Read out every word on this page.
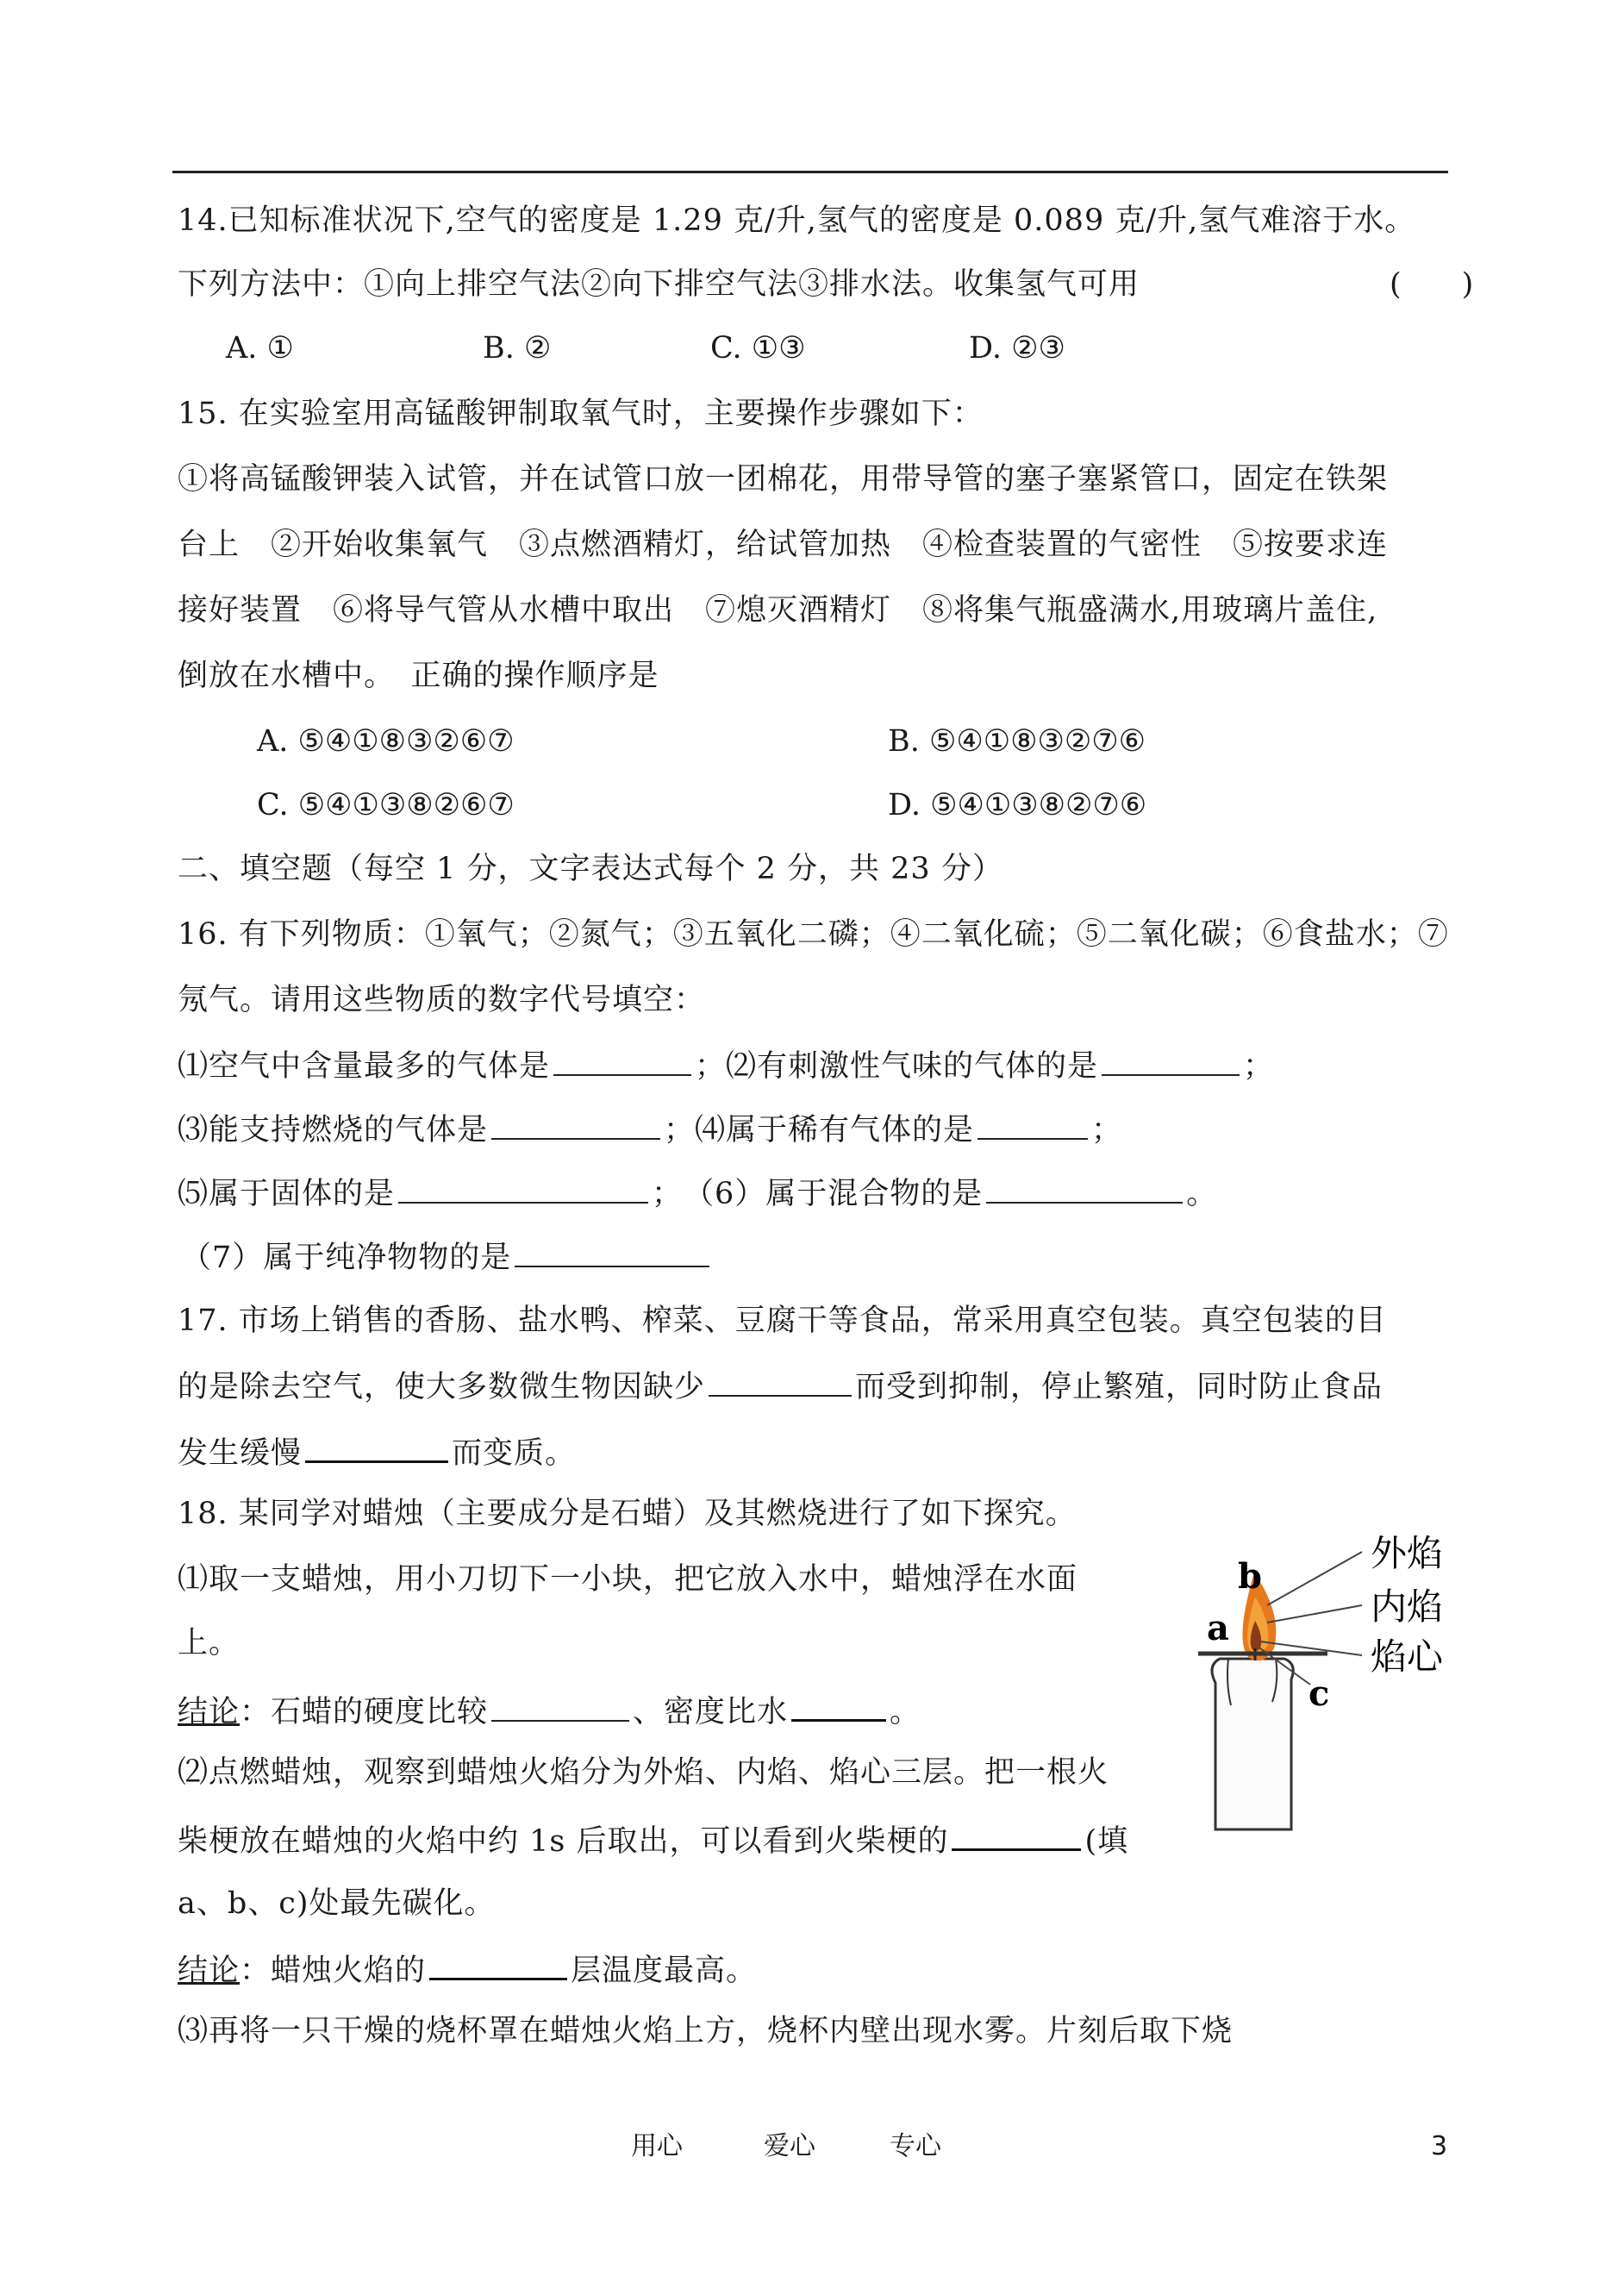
14.已知标准状况下,空气的密度是 1.29 克/升,氢气的密度是 0.089 克/升,氢气难溶于水。
下列方法中：①向上排空气法②向下排空气法③排水法。收集氢气可用	(　　)
A. ①	B. ②	C. ①③	D. ②③
15. 在实验室用高锰酸钾制取氧气时，主要操作步骤如下：
①将高锰酸钾装入试管，并在试管口放一团棉花，用带导管的塞子塞紧管口，固定在铁架
台上　②开始收集氧气　③点燃酒精灯，给试管加热　④检查装置的气密性　⑤按要求连
接好装置　⑥将导气管从水槽中取出　⑦熄灭酒精灯　⑧将集气瓶盛满水,用玻璃片盖住,
倒放在水槽中。　正确的操作顺序是
A. ⑤④①⑧③②⑥⑦	B. ⑤④①⑧③②⑦⑥
C. ⑤④①③⑧②⑥⑦	D. ⑤④①③⑧②⑦⑥
二、填空题（每空 1 分，文字表达式每个 2 分，共 23 分）
16. 有下列物质：①氧气；②氮气；③五氧化二磷；④二氧化硫；⑤二氧化碳；⑥食盐水；⑦
氖气。请用这些物质的数字代号填空：
⑴空气中含量最多的气体是	；⑵有刺激性气味的气体的是	；
⑶能支持燃烧的气体是	；⑷属于稀有气体的是	；
⑸属于固体的是	；　（6）属于混合物的是	。
（7）属于纯净物物的是
17. 市场上销售的香肠、盐水鸭、榨菜、豆腐干等食品，常采用真空包装。真空包装的目
的是除去空气，使大多数微生物因缺少	而受到抑制，停止繁殖，同时防止食品
发生缓慢	而变质。
18. 某同学对蜡烛（主要成分是石蜡）及其燃烧进行了如下探究。
⑴取一支蜡烛，用小刀切下一小块，把它放入水中，蜡烛浮在水面
上。
结论：石蜡的硬度比较	、密度比水	。
⑵点燃蜡烛，观察到蜡烛火焰分为外焰、内焰、焰心三层。把一根火
柴梗放在蜡烛的火焰中约 1s 后取出，可以看到火柴梗的	(填
a、b、c)处最先碳化。
结论：蜡烛火焰的	层温度最高。
⑶再将一只干燥的烧杯罩在蜡烛火焰上方，烧杯内壁出现水雾。片刻后取下烧
外焰
内焰
焰心
a
b
c
用心	爱心	专心	3
